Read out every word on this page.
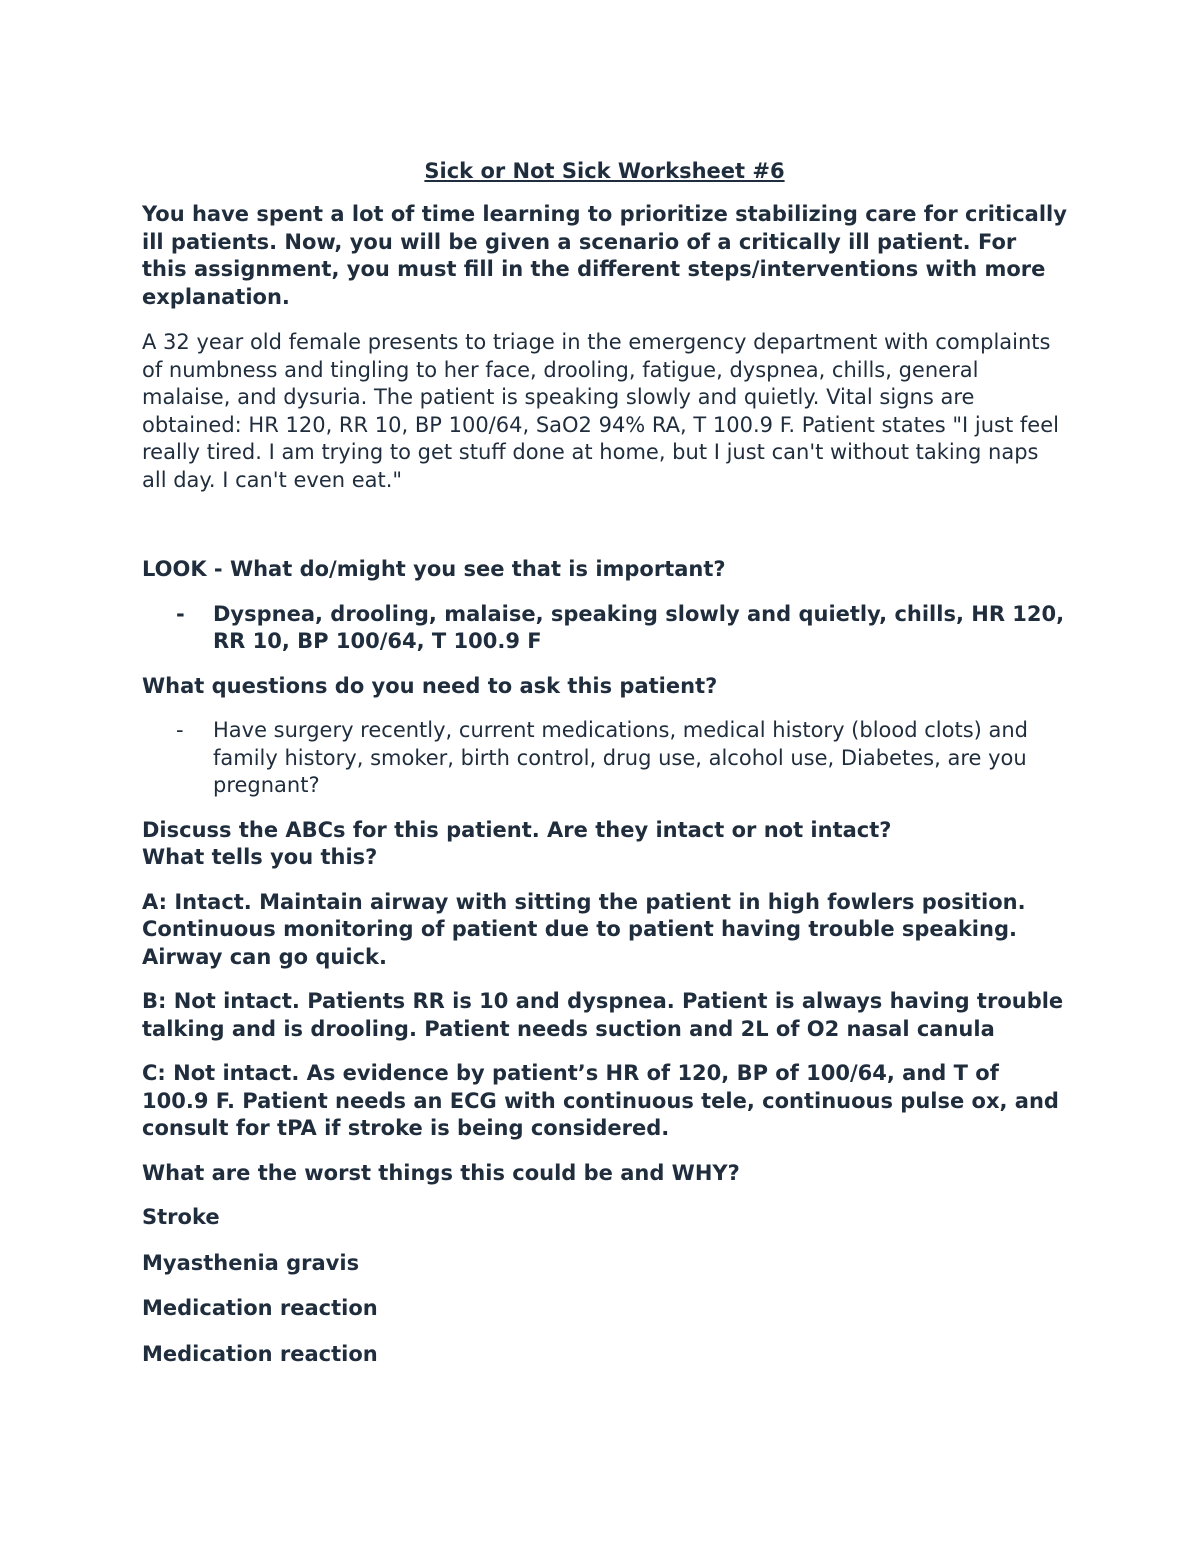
Sick or Not Sick Worksheet #6

You have spent a lot of time learning to prioritize stabilizing care for critically ill patients. Now, you will be given a scenario of a critically ill patient. For this assignment, you must fill in the different steps/interventions with more explanation.

A 32 year old female presents to triage in the emergency department with complaints of numbness and tingling to her face, drooling, fatigue, dyspnea, chills, general malaise, and dysuria. The patient is speaking slowly and quietly. Vital signs are obtained: HR 120, RR 10, BP 100/64, SaO2 94% RA, T 100.9 F. Patient states "I just feel really tired. I am trying to get stuff done at home, but I just can't without taking naps all day. I can't even eat."

LOOK - What do/might you see that is important?

- Dyspnea, drooling, malaise, speaking slowly and quietly, chills, HR 120, RR 10, BP 100/64, T 100.9 F

What questions do you need to ask this patient?

- Have surgery recently, current medications, medical history (blood clots) and family history, smoker, birth control, drug use, alcohol use, Diabetes, are you pregnant?

Discuss the ABCs for this patient. Are they intact or not intact? What tells you this?

A: Intact. Maintain airway with sitting the patient in high fowlers position. Continuous monitoring of patient due to patient having trouble speaking. Airway can go quick.

B: Not intact. Patients RR is 10 and dyspnea. Patient is always having trouble talking and is drooling. Patient needs suction and 2L of O2 nasal canula

C: Not intact. As evidence by patient’s HR of 120, BP of 100/64, and T of 100.9 F. Patient needs an ECG with continuous tele, continuous pulse ox, and consult for tPA if stroke is being considered.

What are the worst things this could be and WHY?

Stroke

Myasthenia gravis

Medication reaction

Medication reaction
